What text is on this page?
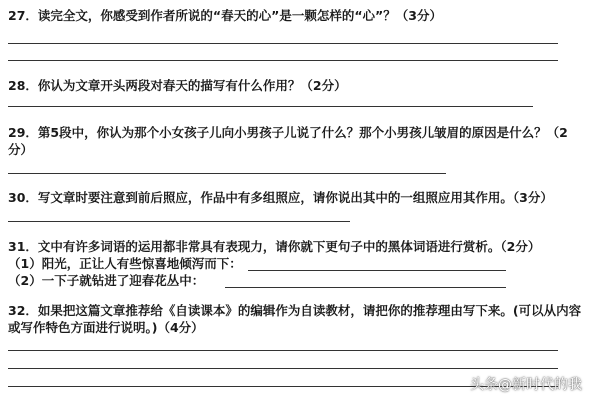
27．读完全文，你感受到作者所说的“春天的心”是一颗怎样的“心”？（3分）
28．你认为文章开头两段对春天的描写有什么作用？（2分）
29．第5段中，你认为那个小女孩子儿向小男孩子儿说了什么？那个小男孩儿皱眉的原因是什么？（2分）
30．写文章时要注意到前后照应，作品中有多组照应，请你说出其中的一组照应用其作用。（3分）
31．文中有许多词语的运用都非常具有表现力，请你就下更句子中的黑体词语进行赏析。（2分）
（1）阳光，正让人有些惊喜地倾泻而下：
（2）一下子就钻进了迎春花丛中：
32．如果把这篇文章推荐给《自读课本》的编辑作为自读教材，请把你的推荐理由写下来。(可以从内容或写作特色方面进行说明。)（4分）
头条@新时代的我
